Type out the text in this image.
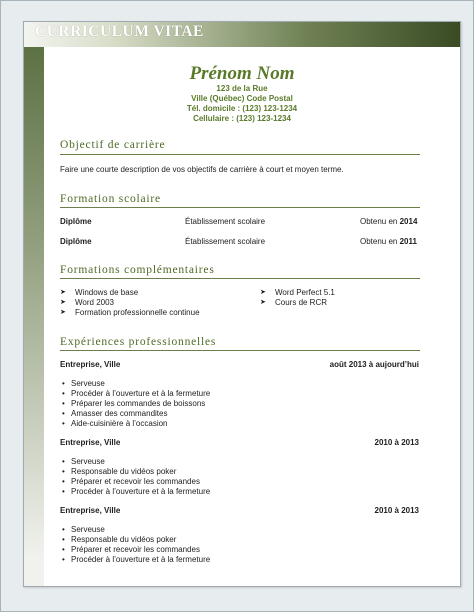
CURRICULUM VITAE
Prénom Nom
123 de la Rue
Ville (Québec) Code Postal
Tél. domicile : (123) 123-1234
Cellulaire : (123) 123-1234
Objectif de carrière
Faire une courte description de vos objectifs de carrière à court et moyen terme.
Formation scolaire
Diplôme	Établissement scolaire	Obtenu en 2014
Diplôme	Établissement scolaire	Obtenu en 2011
Formations complémentaires
➤ Windows de base
➤ Word 2003
➤ Formation professionnelle continue
➤ Word Perfect 5.1
➤ Cours de RCR
Expériences professionnelles
Entreprise, Ville	août 2013 à aujourd’hui
• Serveuse
• Procéder à l’ouverture et à la fermeture
• Préparer les commandes de boissons
• Amasser des commandites
• Aide-cuisinière à l’occasion
Entreprise, Ville	2010 à 2013
• Serveuse
• Responsable du vidéos poker
• Préparer et recevoir les commandes
• Procéder à l’ouverture et à la fermeture
Entreprise, Ville	2010 à 2013
• Serveuse
• Responsable du vidéos poker
• Préparer et recevoir les commandes
• Procéder à l’ouverture et à la fermeture
